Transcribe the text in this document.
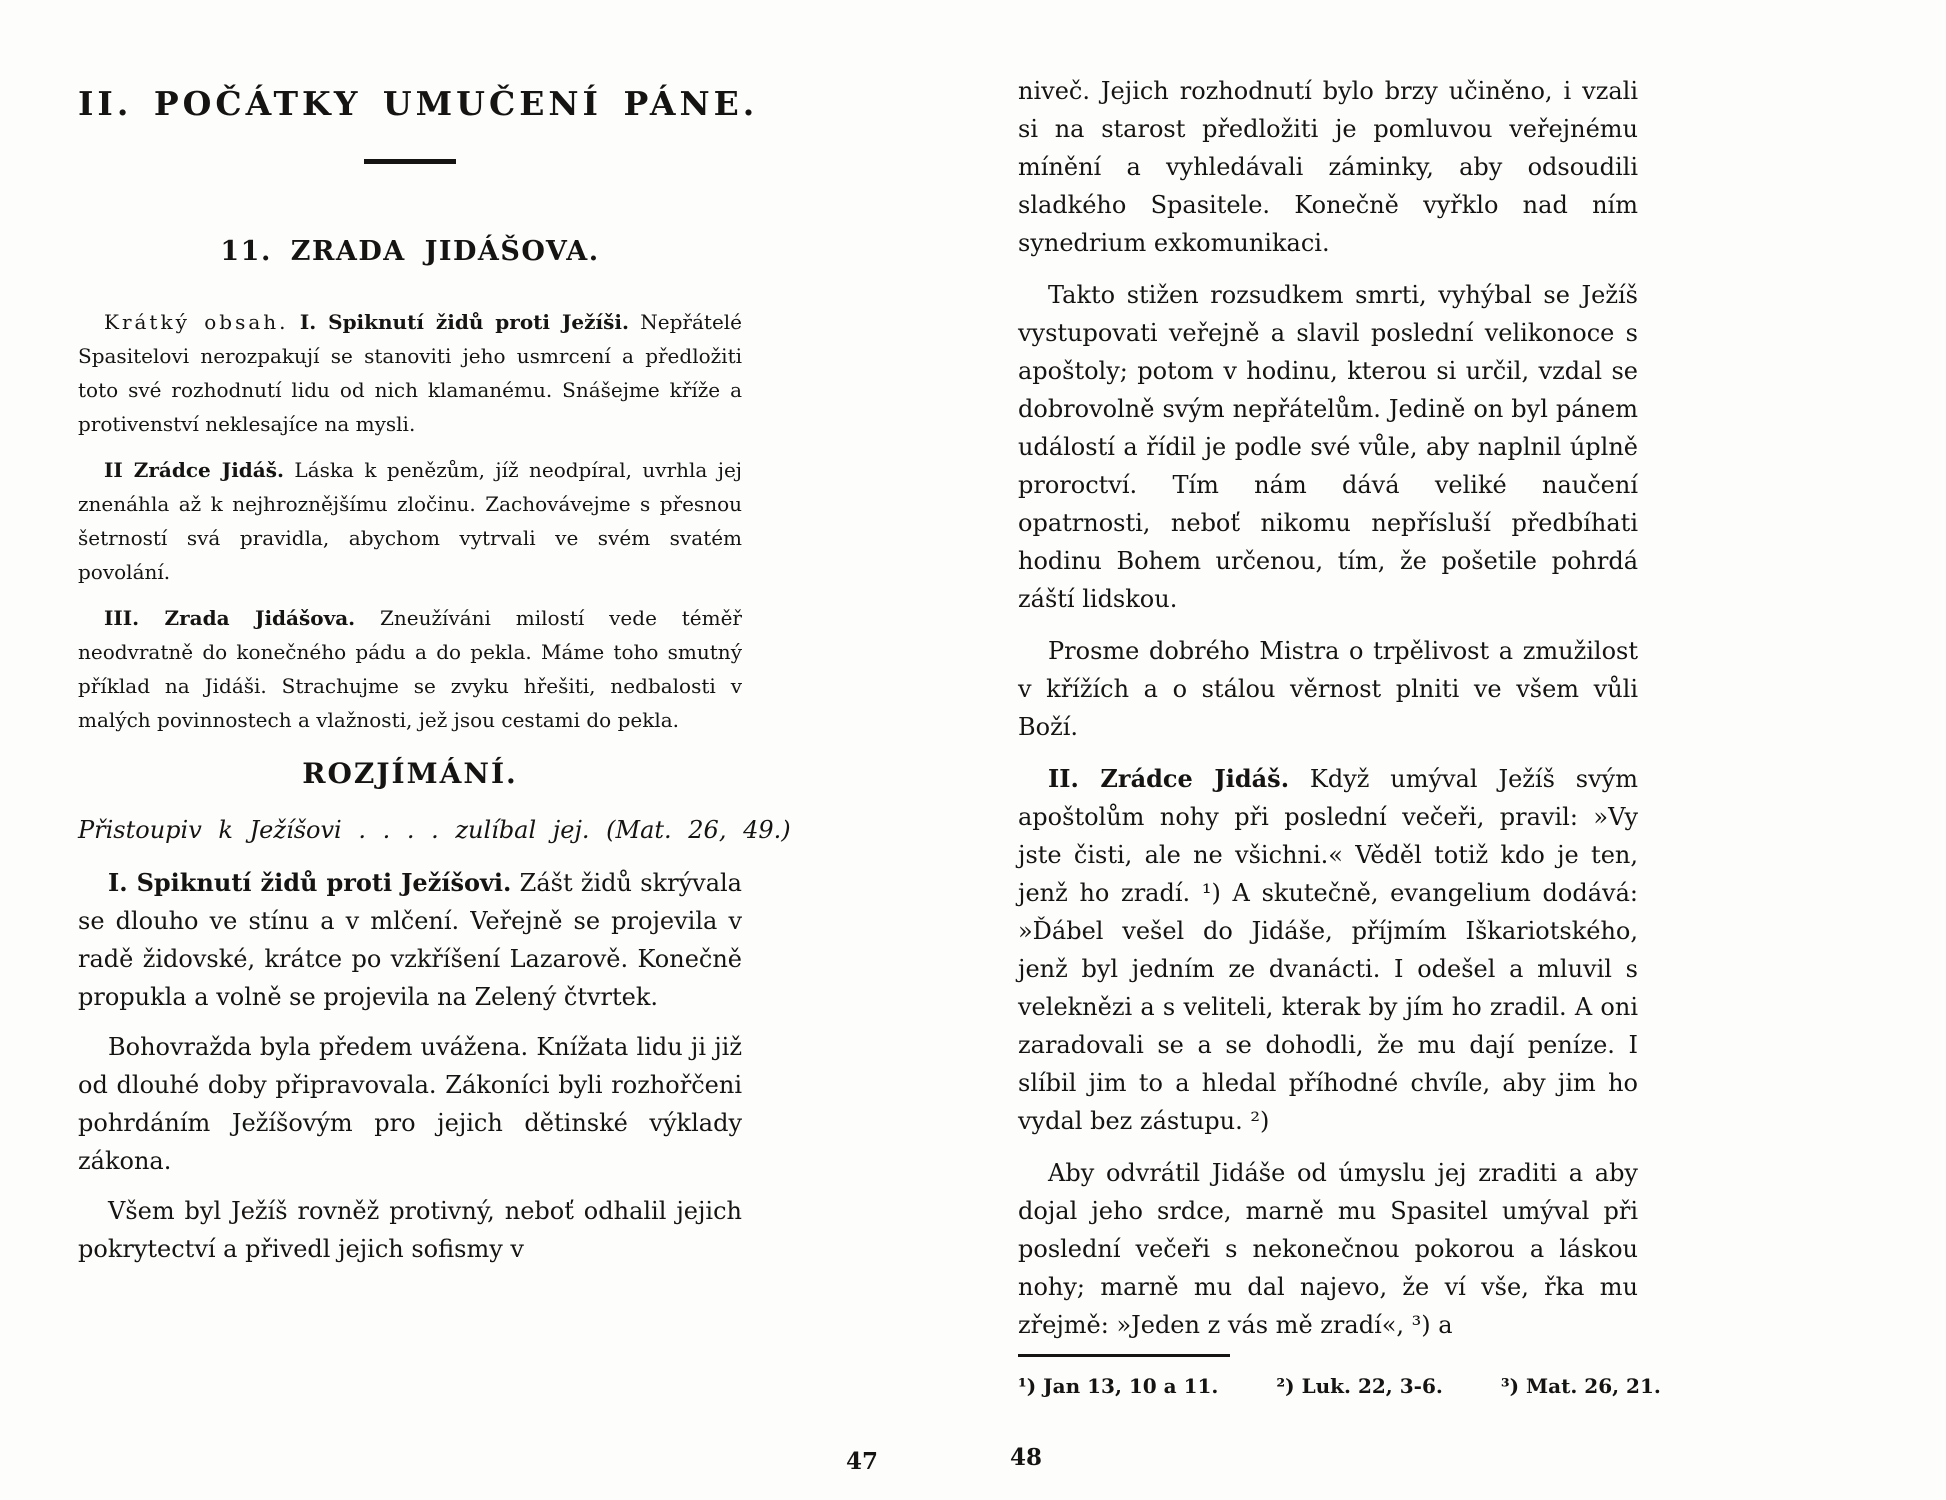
II. POČÁTKY UMUČENÍ PÁNE.
11. ZRADA JIDÁŠOVA.

Krátký obsah. I. Spiknutí židů proti Ježíši. Nepřátelé Spasitelovi nerozpakují se stanoviti jeho usmrcení a předložiti toto své rozhodnutí lidu od nich klamanému. Snášejme kříže a protivenství neklesajíce na mysli.

II Zrádce Jidáš. Láska k penězům, jíž neodpíral, uvrhla jej znenáhla až k nejhroznějšímu zločinu. Zachovávejme s přesnou šetrností svá pravidla, abychom vytrvali ve svém svatém povolání.

III. Zrada Jidášova. Zneužíváni milostí vede téměř neodvratně do konečného pádu a do pekla. Máme toho smutný příklad na Jidáši. Strachujme se zvyku hřešiti, nedbalosti v malých povinnostech a vlažnosti, jež jsou cestami do pekla.

ROZJÍMÁNÍ.

Přistoupiv k Ježíšovi . . . . zulíbal jej. (Mat. 26, 49.)

I. Spiknutí židů proti Ježíšovi. Zášt židů skrývala se dlouho ve stínu a v mlčení. Veřejně se projevila v radě židovské, krátce po vzkříšení Lazarově. Konečně propukla a volně se projevila na Zelený čtvrtek.

Bohovražda byla předem uvážena. Knížata lidu ji již od dlouhé doby připravovala. Zákoníci byli rozhořčeni pohrdáním Ježíšovým pro jejich dětinské výklady zákona.

Všem byl Ježíš rovněž protivný, neboť odhalil jejich pokrytectví a přivedl jejich sofismy v

niveč. Jejich rozhodnutí bylo brzy učiněno, i vzali si na starost předložiti je pomluvou veřejnému mínění a vyhledávali záminky, aby odsoudili sladkého Spasitele. Konečně vyřklo nad ním synedrium exkomunikaci.

Takto stižen rozsudkem smrti, vyhýbal se Ježíš vystupovati veřejně a slavil poslední velikonoce s apoštoly; potom v hodinu, kterou si určil, vzdal se dobrovolně svým nepřátelům. Jedině on byl pánem událostí a řídil je podle své vůle, aby naplnil úplně proroctví. Tím nám dává veliké naučení opatrnosti, neboť nikomu nepřísluší předbíhati hodinu Bohem určenou, tím, že pošetile pohrdá záští lidskou.

Prosme dobrého Mistra o trpělivost a zmužilost v křížích a o stálou věrnost plniti ve všem vůli Boží.

II. Zrádce Jidáš. Když umýval Ježíš svým apoštolům nohy při poslední večeři, pravil: »Vy jste čisti, ale ne všichni.« Věděl totiž kdo je ten, jenž ho zradí. ¹) A skutečně, evangelium dodává: »Ďábel vešel do Jidáše, příjmím Iškariotského, jenž byl jedním ze dvanácti. I odešel a mluvil s veleknězi a s veliteli, kterak by jím ho zradil. A oni zaradovali se a se dohodli, že mu dají peníze. I slíbil jim to a hledal příhodné chvíle, aby jim ho vydal bez zástupu. ²)

Aby odvrátil Jidáše od úmyslu jej zraditi a aby dojal jeho srdce, marně mu Spasitel umýval při poslední večeři s nekonečnou pokorou a láskou nohy; marně mu dal najevo, že ví vše, řka mu zřejmě: »Jeden z vás mě zradí«, ³) a

¹) Jan 13, 10 a 11.	²) Luk. 22, 3-6.	³) Mat. 26, 21.
47	48
